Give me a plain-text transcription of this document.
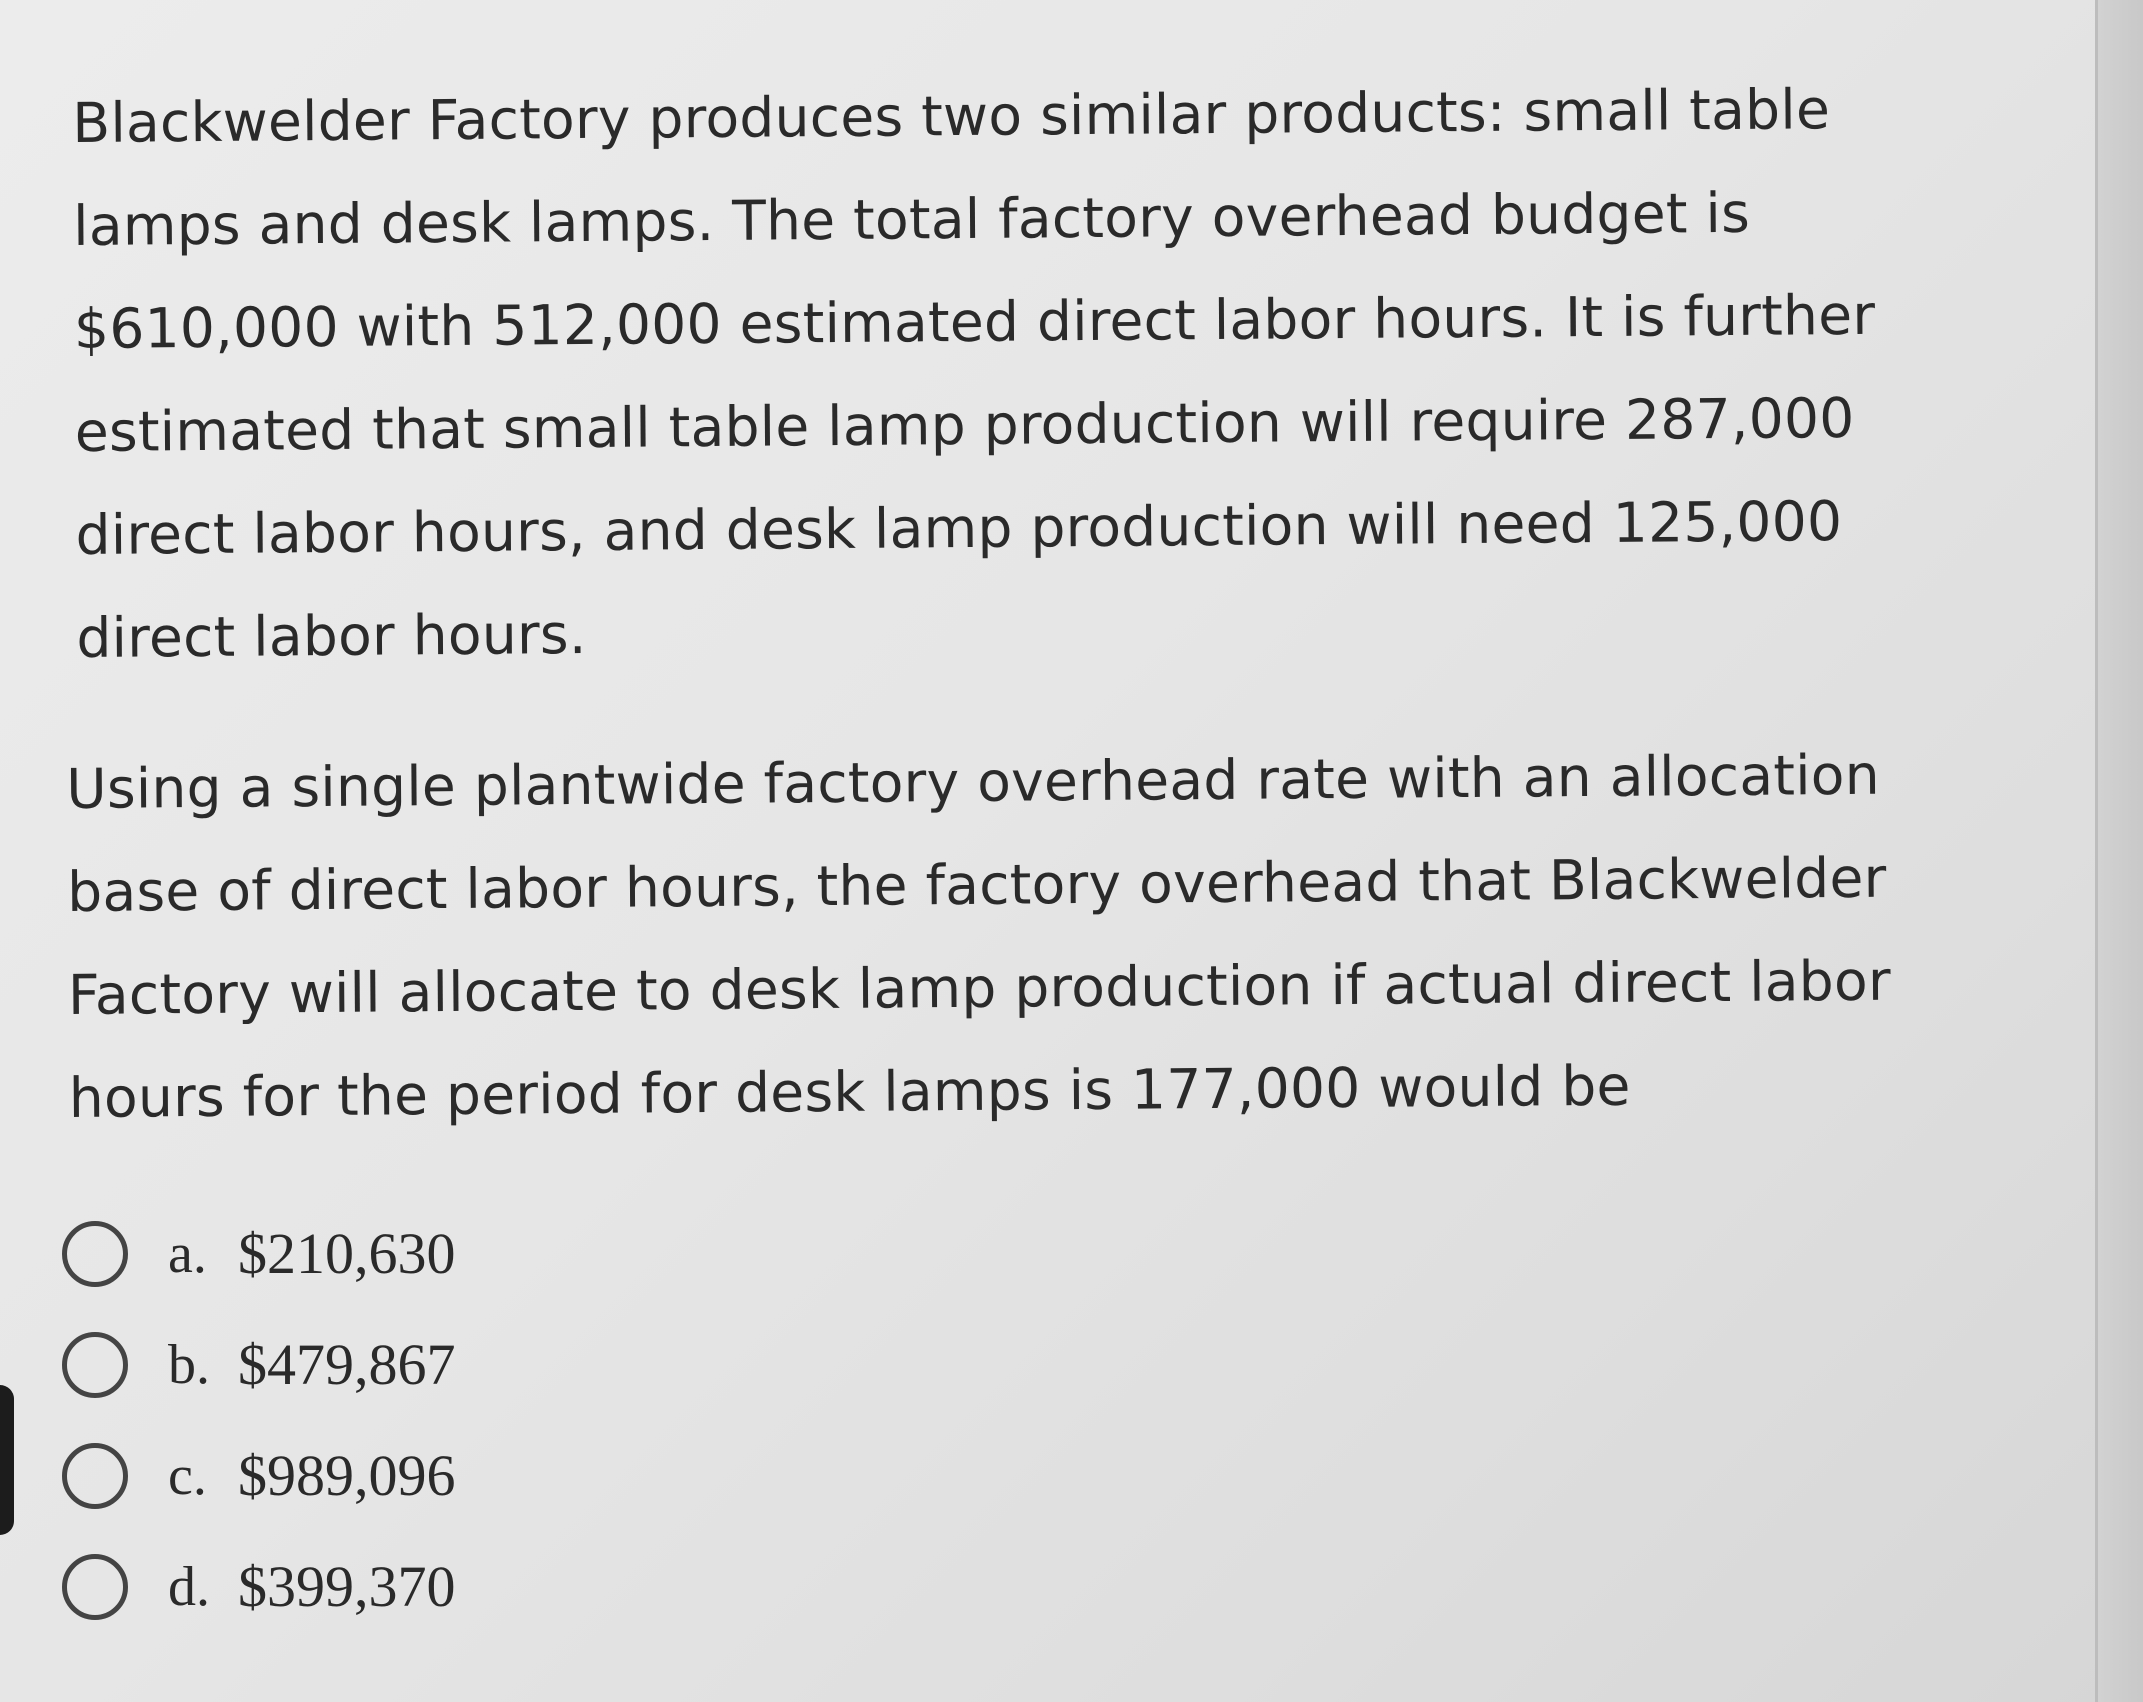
Blackwelder Factory produces two similar products: small table
lamps and desk lamps. The total factory overhead budget is
$610,000 with 512,000 estimated direct labor hours. It is further
estimated that small table lamp production will require 287,000
direct labor hours, and desk lamp production will need 125,000
direct labor hours.
Using a single plantwide factory overhead rate with an allocation
base of direct labor hours, the factory overhead that Blackwelder
Factory will allocate to desk lamp production if actual direct labor
hours for the period for desk lamps is 177,000 would be
a. $210,630
b. $479,867
c. $989,096
d. $399,370
